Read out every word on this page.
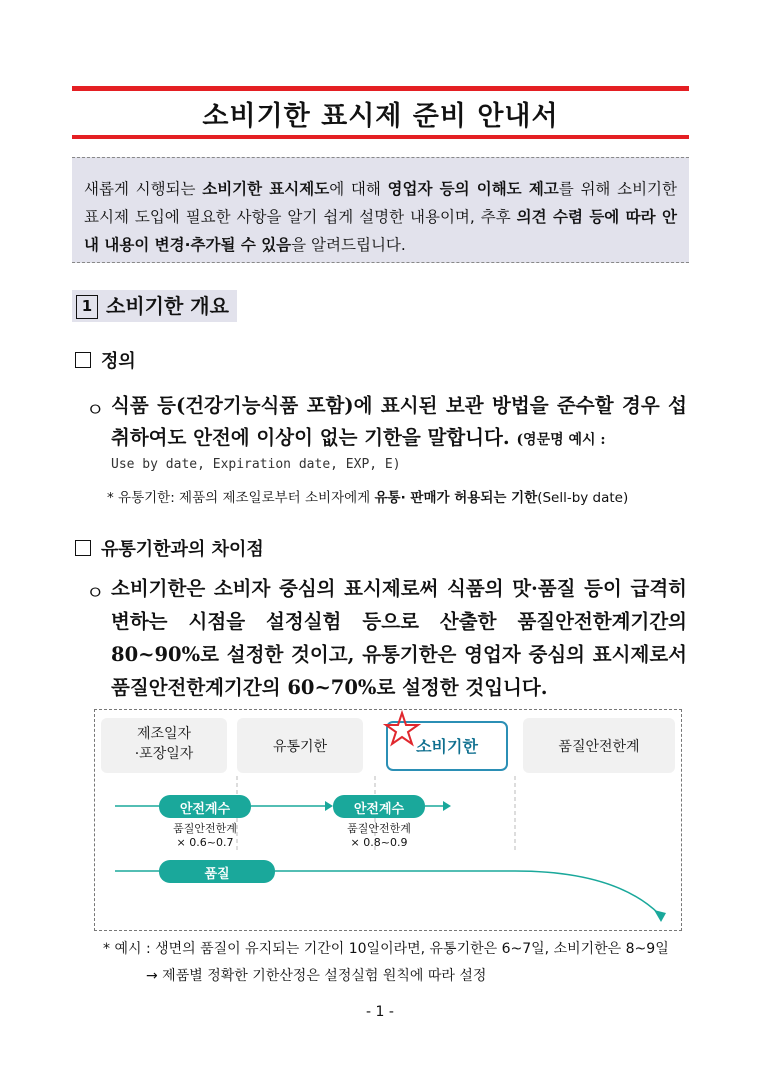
소비기한 표시제 준비 안내서
새롭게 시행되는 소비기한 표시제도에 대해 영업자 등의 이해도 제고를 위해 소비기한 표시제 도입에 필요한 사항을 알기 쉽게 설명한 내용이며, 추후 의견 수렴 등에 따라 안내 내용이 변경·추가될 수 있음을 알려드립니다.
1 소비기한 개요
정의
ㅇ 식품 등(건강기능식품 포함)에 표시된 보관 방법을 준수할 경우 섭취하여도 안전에 이상이 없는 기한을 말합니다. (영문명 예시 :
Use by date, Expiration date, EXP, E)
* 유통기한: 제품의 제조일로부터 소비자에게 유통· 판매가 허용되는 기한(Sell-by date)
유통기한과의 차이점
ㅇ 소비기한은 소비자 중심의 표시제로써 식품의 맛·품질 등이 급격히 변하는 시점을 설정실험 등으로 산출한 품질안전한계기간의 80~90%로 설정한 것이고, 유통기한은 영업자 중심의 표시제로서 품질안전한계기간의 60~70%로 설정한 것입니다.
제조일자
·포장일자	유통기한	소비기한	품질안전한계
안전계수
품질안전한계
× 0.6~0.7
안전계수
품질안전한계
× 0.8~0.9
품질
* 예시 : 생면의 품질이 유지되는 기간이 10일이라면, 유통기한은 6~7일, 소비기한은 8~9일
→ 제품별 정확한 기한산정은 설정실험 원칙에 따라 설정
- 1 -
